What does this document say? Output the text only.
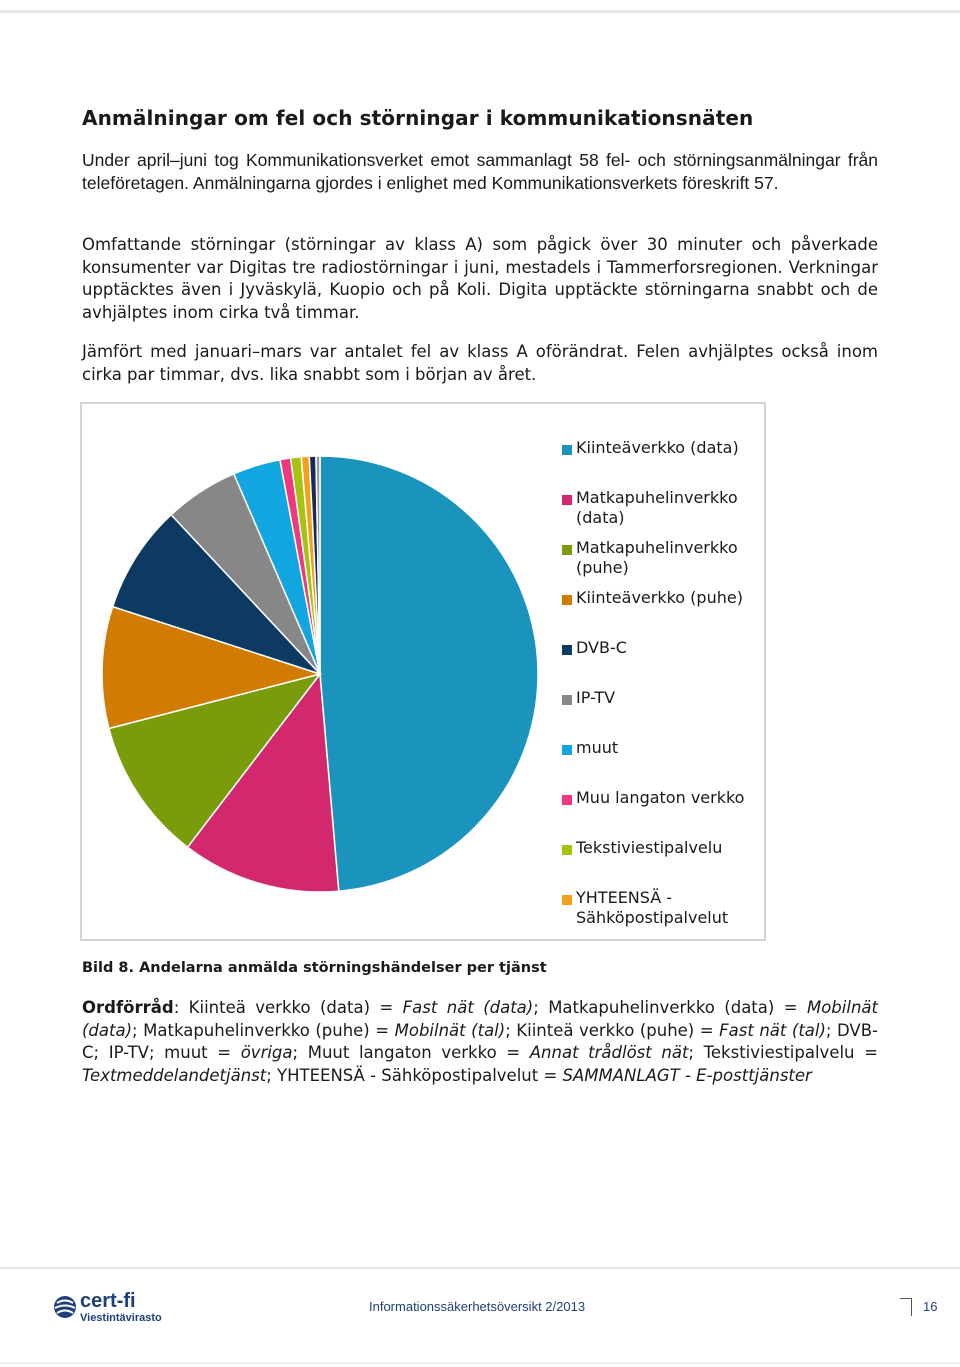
Anmälningar om fel och störningar i kommunikationsnäten

Under april–juni tog Kommunikationsverket emot sammanlagt 58 fel- och störningsanmälningar från teleföretagen. Anmälningarna gjordes i enlighet med Kommunikationsverkets föreskrift 57.

Omfattande störningar (störningar av klass A) som pågick över 30 minuter och påverkade konsumenter var Digitas tre radiostörningar i juni, mestadels i Tammerforsregionen. Verkningar upptäcktes även i Jyväskylä, Kuopio och på Koli. Digita upptäckte störningarna snabbt och de avhjälptes inom cirka två timmar.

Jämfört med januari–mars var antalet fel av klass A oförändrat. Felen avhjälptes också inom cirka par timmar, dvs. lika snabbt som i början av året.

Kiinteäverkko (data)
Matkapuhelinverkko (data)
Matkapuhelinverkko (puhe)
Kiinteäverkko (puhe)
DVB-C
IP-TV
muut
Muu langaton verkko
Tekstiviestipalvelu
YHTEENSÄ - Sähköpostipalvelut
Bild 8. Andelarna anmälda störningshändelser per tjänst

Ordförråd: Kiinteä verkko (data) = Fast nät (data); Matkapuhelinverkko (data) = Mobilnät (data); Matkapuhelinverkko (puhe) = Mobilnät (tal); Kiinteä verkko (puhe) = Fast nät (tal); DVB-C; IP-TV; muut = övriga; Muut langaton verkko = Annat trådlöst nät; Tekstiviestipalvelu = Textmeddelandetjänst; YHTEENSÄ - Sähköpostipalvelut = SAMMANLAGT - E-posttjänster

cert-fi
Viestintävirasto
Informationssäkerhetsöversikt 2/2013	16
